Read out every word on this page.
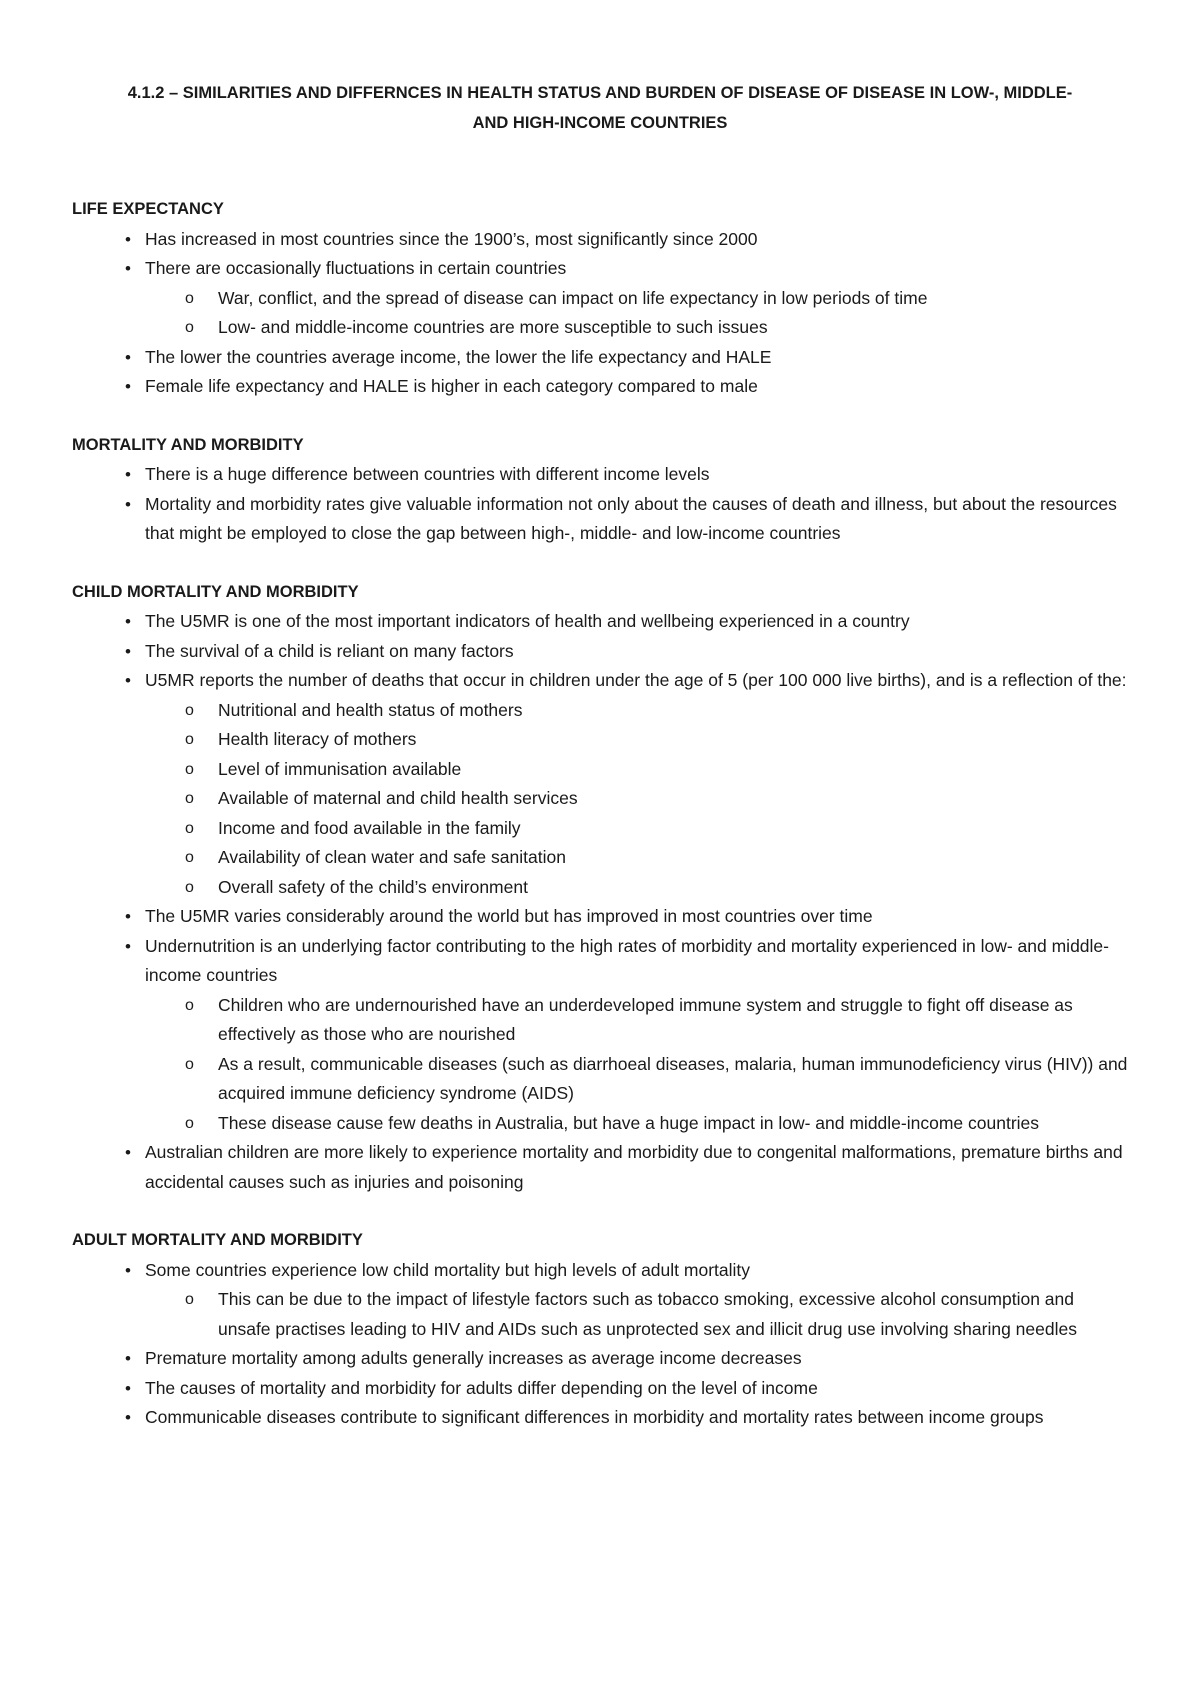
4.1.2 – SIMILARITIES AND DIFFERNCES IN HEALTH STATUS AND BURDEN OF DISEASE OF DISEASE IN LOW-, MIDDLE-
AND HIGH-INCOME COUNTRIES
LIFE EXPECTANCY
• Has increased in most countries since the 1900’s, most significantly since 2000
• There are occasionally fluctuations in certain countries
o War, conflict, and the spread of disease can impact on life expectancy in low periods of time
o Low- and middle-income countries are more susceptible to such issues
• The lower the countries average income, the lower the life expectancy and HALE
• Female life expectancy and HALE is higher in each category compared to male
MORTALITY AND MORBIDITY
• There is a huge difference between countries with different income levels
• Mortality and morbidity rates give valuable information not only about the causes of death and illness, but about the resources that might be employed to close the gap between high-, middle- and low-income countries
CHILD MORTALITY AND MORBIDITY
• The U5MR is one of the most important indicators of health and wellbeing experienced in a country
• The survival of a child is reliant on many factors
• U5MR reports the number of deaths that occur in children under the age of 5 (per 100 000 live births), and is a reflection of the:
o Nutritional and health status of mothers
o Health literacy of mothers
o Level of immunisation available
o Available of maternal and child health services
o Income and food available in the family
o Availability of clean water and safe sanitation
o Overall safety of the child’s environment
• The U5MR varies considerably around the world but has improved in most countries over time
• Undernutrition is an underlying factor contributing to the high rates of morbidity and mortality experienced in low- and middle-income countries
o Children who are undernourished have an underdeveloped immune system and struggle to fight off disease as effectively as those who are nourished
o As a result, communicable diseases (such as diarrhoeal diseases, malaria, human immunodeficiency virus (HIV)) and acquired immune deficiency syndrome (AIDS)
o These disease cause few deaths in Australia, but have a huge impact in low- and middle-income countries
• Australian children are more likely to experience mortality and morbidity due to congenital malformations, premature births and accidental causes such as injuries and poisoning
ADULT MORTALITY AND MORBIDITY
• Some countries experience low child mortality but high levels of adult mortality
o This can be due to the impact of lifestyle factors such as tobacco smoking, excessive alcohol consumption and unsafe practises leading to HIV and AIDs such as unprotected sex and illicit drug use involving sharing needles
• Premature mortality among adults generally increases as average income decreases
• The causes of mortality and morbidity for adults differ depending on the level of income
• Communicable diseases contribute to significant differences in morbidity and mortality rates between income groups
